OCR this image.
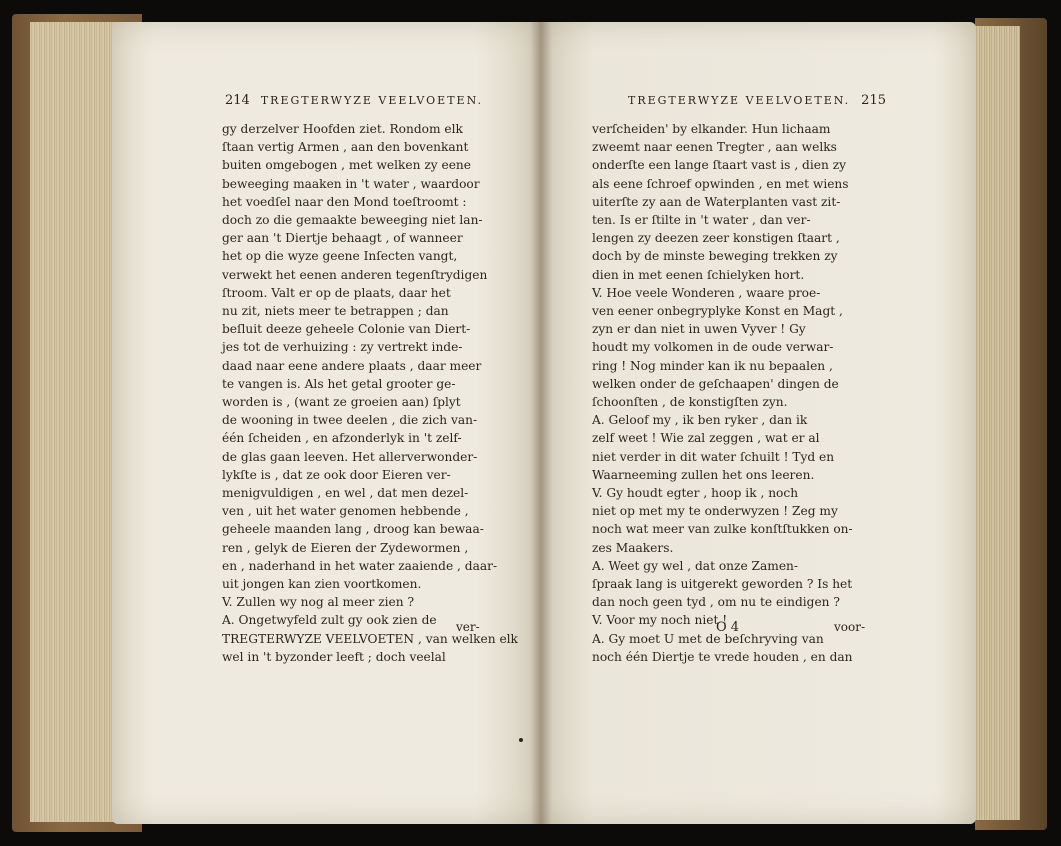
214 TREGTERWYZE VEELVOETEN.	TREGTERWYZE VEELVOETEN. 215
gy derzelver Hoofden ziet. Rondom elk
ſtaan vertig Armen , aan den bovenkant
buiten omgebogen , met welken zy eene
beweeging maaken in 't water , waardoor
het voedſel naar den Mond toeſtroomt :
doch zo die gemaakte beweeging niet lan-
ger aan 't Diertje behaagt , of wanneer
het op die wyze geene Inſecten vangt,
verwekt het eenen anderen tegenſtrydigen
ſtroom. Valt er op de plaats, daar het
nu zit, niets meer te betrappen ; dan
beſluit deeze geheele Colonie van Diert-
jes tot de verhuizing : zy vertrekt inde-
daad naar eene andere plaats , daar meer
te vangen is. Als het getal grooter ge-
worden is , (want ze groeien aan) ſplyt
de wooning in twee deelen , die zich van-
één ſcheiden , en afzonderlyk in 't zelf-
de glas gaan leeven. Het allerverwonder-
lykſte is , dat ze ook door Eieren ver-
menigvuldigen , en wel , dat men dezel-
ven , uit het water genomen hebbende ,
geheele maanden lang , droog kan bewaa-
ren , gelyk de Eieren der Zydewormen ,
en , naderhand in het water zaaiende , daar-
uit jongen kan zien voortkomen.
V. Zullen wy nog al meer zien ?
A. Ongetwyfeld zult gy ook zien de
TREGTERWYZE VEELVOETEN , van welken elk
wel in 't byzonder leeft ; doch veelal
verſcheiden' by elkander. Hun lichaam
zweemt naar eenen Tregter , aan welks
onderſte een lange ſtaart vast is , dien zy
als eene ſchroef opwinden , en met wiens
uiterſte zy aan de Waterplanten vast zit-
ten. Is er ſtilte in 't water , dan ver-
lengen zy deezen zeer konstigen ſtaart ,
doch by de minste beweging trekken zy
dien in met eenen ſchielyken hort.
V. Hoe veele Wonderen , waare proe-
ven eener onbegryplyke Konst en Magt ,
zyn er dan niet in uwen Vyver ! Gy
houdt my volkomen in de oude verwar-
ring ! Nog minder kan ik nu bepaalen ,
welken onder de geſchaapen' dingen de
ſchoonſten , de konstigſten zyn.
A. Geloof my , ik ben ryker , dan ik
zelf weet ! Wie zal zeggen , wat er al
niet verder in dit water ſchuilt ! Tyd en
Waarneeming zullen het ons leeren.
V. Gy houdt egter , hoop ik , noch
niet op met my te onderwyzen ! Zeg my
noch wat meer van zulke konſtſtukken on-
zes Maakers.
A. Weet gy wel , dat onze Zamen-
ſpraak lang is uitgerekt geworden ? Is het
dan noch geen tyd , om nu te eindigen ?
V. Voor my noch niet !
A. Gy moet U met de beſchryving van
noch één Diertje te vrede houden , en dan
ver-	O 4	voor-
